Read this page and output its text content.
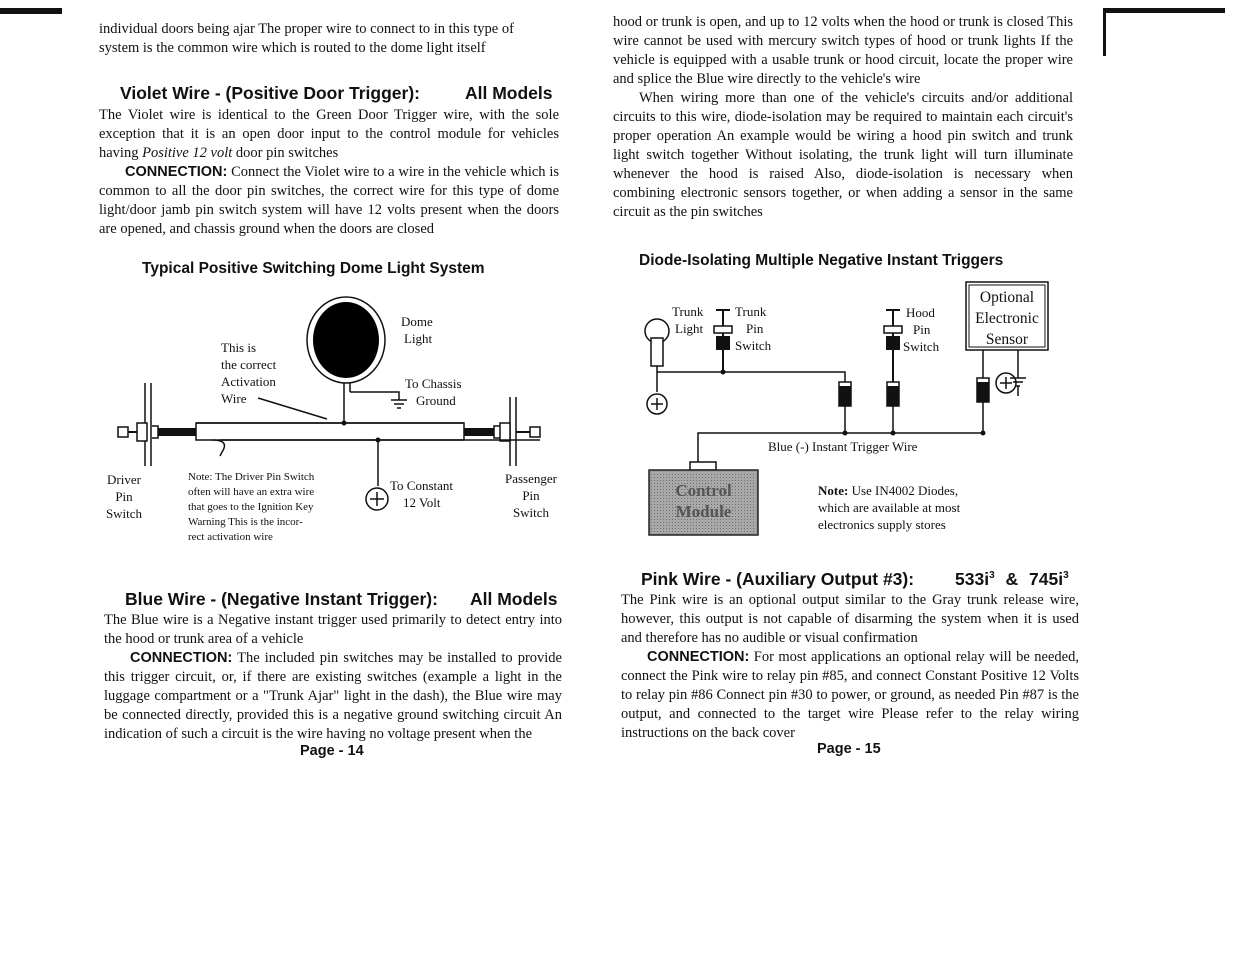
individual doors being ajar The proper wire to connect to in this type of
system is the common wire which is routed to the dome light itself
Violet Wire - (Positive Door Trigger):	All Models

The Violet wire is identical to the Green Door Trigger wire, with the sole exception that it is an open door input to the control module for vehicles having Positive 12 volt door pin switches

CONNECTION: Connect the Violet wire to a wire in the vehicle which is common to all the door pin switches, the correct wire for this type of dome light/door jamb pin switch system will have 12 volts present when the doors are opened, and chassis ground when the doors are closed

Typical Positive Switching Dome Light System
Dome
Light
This is
the correct
Activation
Wire
To Chassis
Ground
Driver
Pin
Switch
Passenger
Pin
Switch
To Constant
12 Volt
Note: The Driver Pin Switch
often will have an extra wire
that goes to the Ignition Key
Warning This is the incor-
rect activation wire
Blue Wire - (Negative Instant Trigger): All Models

The Blue wire is a Negative instant trigger used primarily to detect entry into the hood or trunk area of a vehicle

CONNECTION: The included pin switches may be installed to provide this trigger circuit, or, if there are existing switches (example a light in the luggage compartment or a "Trunk Ajar" light in the dash), the Blue wire may be connected directly, provided this is a negative ground switching circuit An indication of such a circuit is the wire having no voltage present when the

Page - 14

hood or trunk is open, and up to 12 volts when the hood or trunk is closed This wire cannot be used with mercury switch types of hood or trunk lights If the vehicle is equipped with a usable trunk or hood circuit, locate the proper wire and splice the Blue wire directly to the vehicle's wire

When wiring more than one of the vehicle's circuits and/or additional circuits to this wire, diode-isolation may be required to maintain each circuit's proper operation An example would be wiring a hood pin switch and trunk light switch together Without isolating, the trunk light will turn illuminate whenever the hood is raised Also, diode-isolation is necessary when combining electronic sensors together, or when adding a sensor in the same circuit as the pin switches

Diode-Isolating Multiple Negative Instant Triggers
Trunk
Light
Trunk
Pin
Switch
Hood
Pin
Switch
Optional
Electronic
Sensor
Blue (-) Instant Trigger Wire
Control
Module
Note: Use IN4002 Diodes,
which are available at most
electronics supply stores
Pink Wire - (Auxiliary Output #3): $533i^3$ & $745i^3$

The Pink wire is an optional output similar to the Gray trunk release wire, however, this output is not capable of disarming the system when it is used and therefore has no audible or visual confirmation

CONNECTION: For most applications an optional relay will be needed, connect the Pink wire to relay pin #85, and connect Constant Positive 12 Volts to relay pin #86 Connect pin #30 to power, or ground, as needed Pin #87 is the output, and connected to the target wire Please refer to the relay wiring instructions on the back cover

Page - 15
